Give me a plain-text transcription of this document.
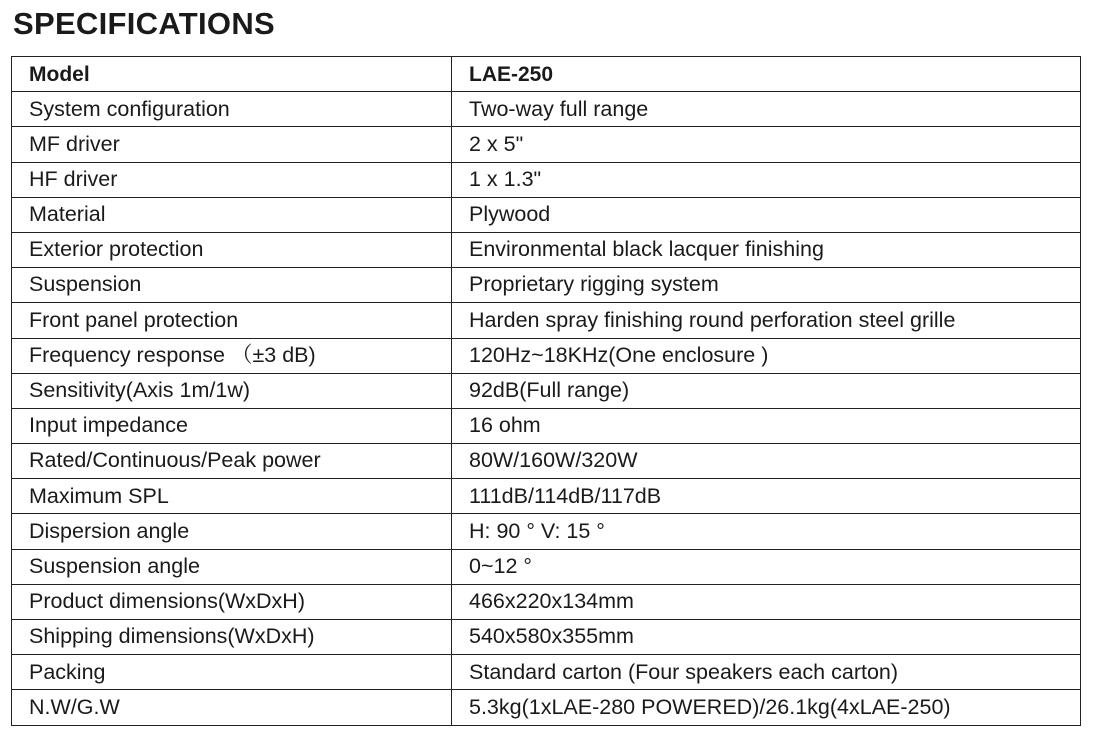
SPECIFICATIONS
Model	LAE-250
System configuration	Two-way full range
MF driver	2 x 5"
HF driver	1 x 1.3"
Material	Plywood
Exterior protection	Environmental black lacquer finishing
Suspension	Proprietary rigging system
Front panel protection	Harden spray finishing round perforation steel grille
Frequency response （±3 dB)	120Hz~18KHz(One enclosure )
Sensitivity(Axis 1m/1w)	92dB(Full range)
Input impedance	16 ohm
Rated/Continuous/Peak power	80W/160W/320W
Maximum SPL	111dB/114dB/117dB
Dispersion angle	H: 90 ° V: 15 °
Suspension angle	0~12 °
Product dimensions(WxDxH)	466x220x134mm
Shipping dimensions(WxDxH)	540x580x355mm
Packing	Standard carton (Four speakers each carton)
N.W/G.W	5.3kg(1xLAE-280 POWERED)/26.1kg(4xLAE-250)
